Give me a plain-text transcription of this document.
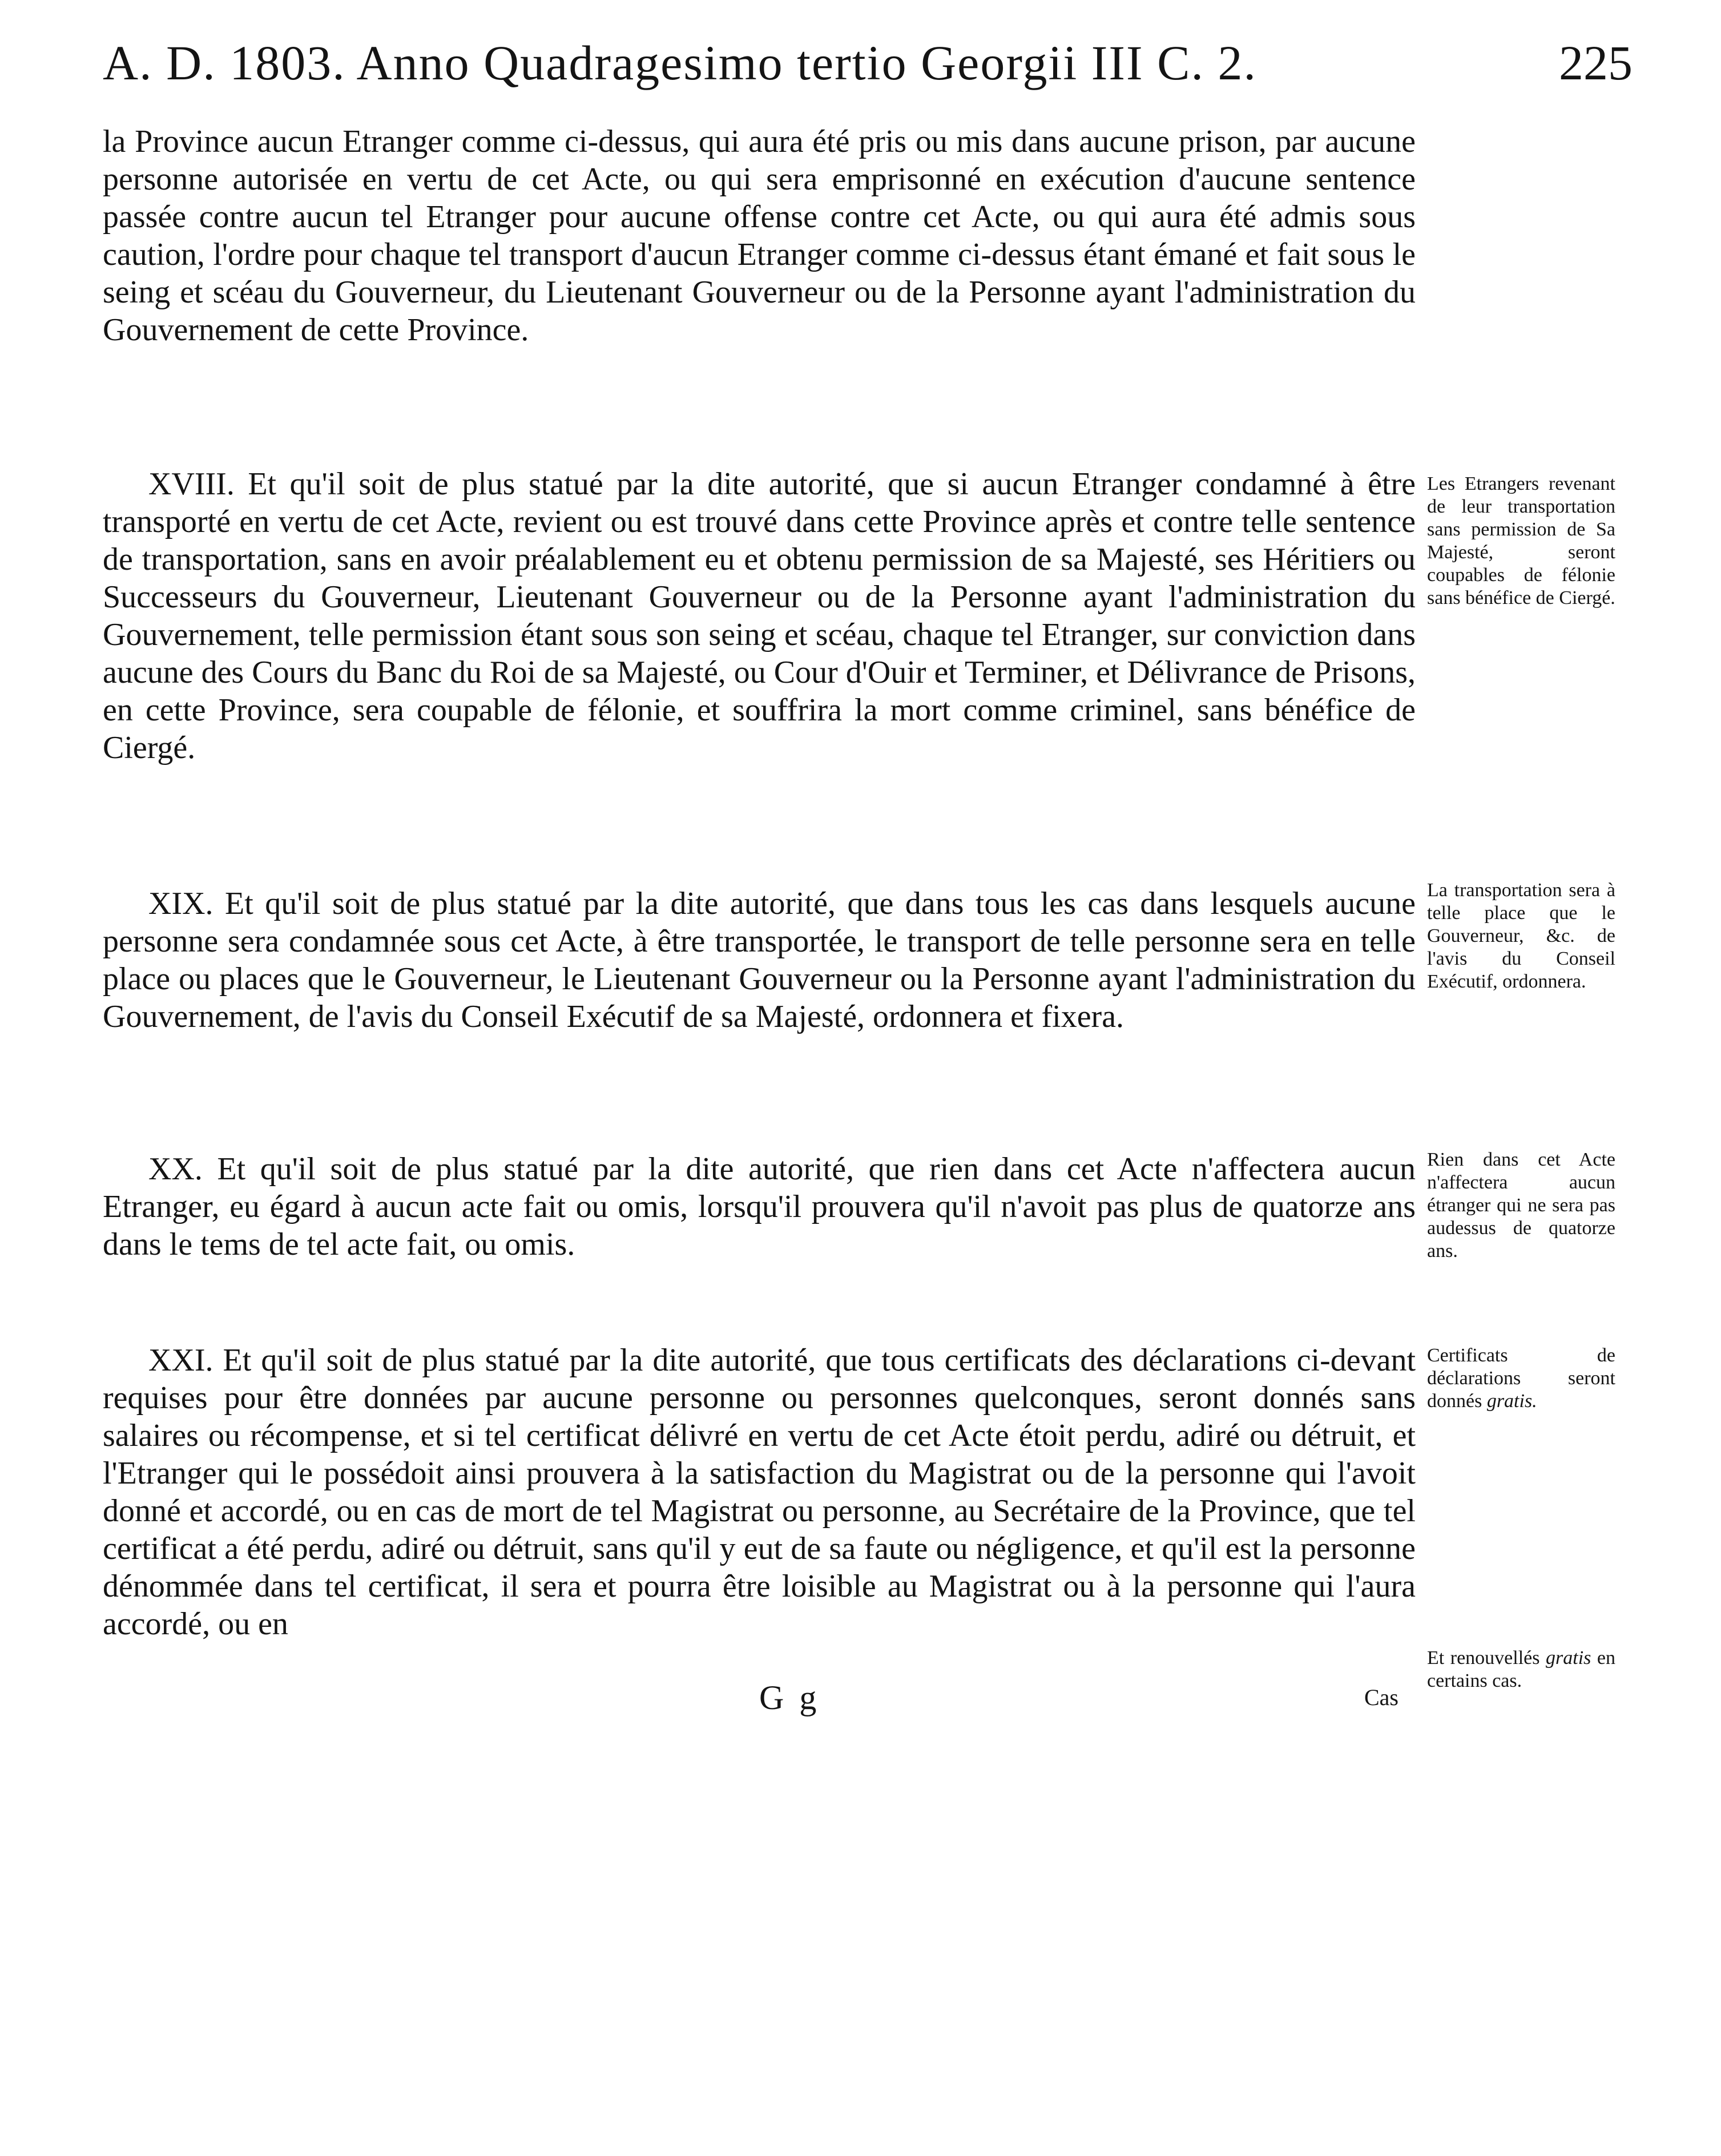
A. D. 1803. Anno Quadragesimo tertio Georgii III C. 2.	225

la Province aucun Etranger comme ci-dessus, qui aura été pris ou mis dans aucune prison, par aucune personne autorisée en vertu de cet Acte, ou qui sera emprisonné en exécution d'aucune sentence passée contre aucun tel Etranger pour aucune offense contre cet Acte, ou qui aura été admis sous caution, l'ordre pour chaque tel transport d'aucun Etranger comme ci-dessus étant émané et fait sous le seing et scéau du Gouverneur, du Lieutenant Gouverneur ou de la Personne ayant l'administration du Gouvernement de cette Province.

XVIII. Et qu'il soit de plus statué par la dite autorité, que si aucun Etranger condamné à être transporté en vertu de cet Acte, revient ou est trouvé dans cette Province après et contre telle sentence de transportation, sans en avoir préalablement eu et obtenu permission de sa Majesté, ses Héritiers ou Successeurs du Gouverneur, Lieutenant Gouverneur ou de la Personne ayant l'administration du Gouvernement, telle permission étant sous son seing et scéau, chaque tel Etranger, sur conviction dans aucune des Cours du Banc du Roi de sa Majesté, ou Cour d'Ouir et Terminer, et Délivrance de Prisons, en cette Province, sera coupable de félonie, et souffrira la mort comme criminel, sans bénéfice de Ciergé.

Les Etrangers revenant de leur transportation sans permission de Sa Majesté, seront coupables de félonie sans bénéfice de Ciergé.

XIX. Et qu'il soit de plus statué par la dite autorité, que dans tous les cas dans lesquels aucune personne sera condamnée sous cet Acte, à être transportée, le transport de telle personne sera en telle place ou places que le Gouverneur, le Lieutenant Gouverneur ou la Personne ayant l'administration du Gouvernement, de l'avis du Conseil Exécutif de sa Majesté, ordonnera et fixera.

La transportation sera à telle place que le Gouverneur, &c. de l'avis du Conseil Exécutif, ordonnera.

XX. Et qu'il soit de plus statué par la dite autorité, que rien dans cet Acte n'affectera aucun Etranger, eu égard à aucun acte fait ou omis, lorsqu'il prouvera qu'il n'avoit pas plus de quatorze ans dans le tems de tel acte fait, ou omis.

Rien dans cet Acte n'affectera aucun étranger qui ne sera pas audessus de quatorze ans.

XXI. Et qu'il soit de plus statué par la dite autorité, que tous certificats des déclarations ci-devant requises pour être données par aucune personne ou personnes quelconques, seront donnés sans salaires ou récompense, et si tel certificat délivré en vertu de cet Acte étoit perdu, adiré ou détruit, et l'Etranger qui le possédoit ainsi prouvera à la satisfaction du Magistrat ou de la personne qui l'avoit donné et accordé, ou en cas de mort de tel Magistrat ou personne, au Secrétaire de la Province, que tel certificat a été perdu, adiré ou détruit, sans qu'il y eut de sa faute ou négligence, et qu'il est la personne dénommée dans tel certificat, il sera et pourra être loisible au Magistrat ou à la personne qui l'aura accordé, ou en

Certificats de déclarations seront donnés gratis.

Et renouvellés gratis en certains cas.

G g	Cas
